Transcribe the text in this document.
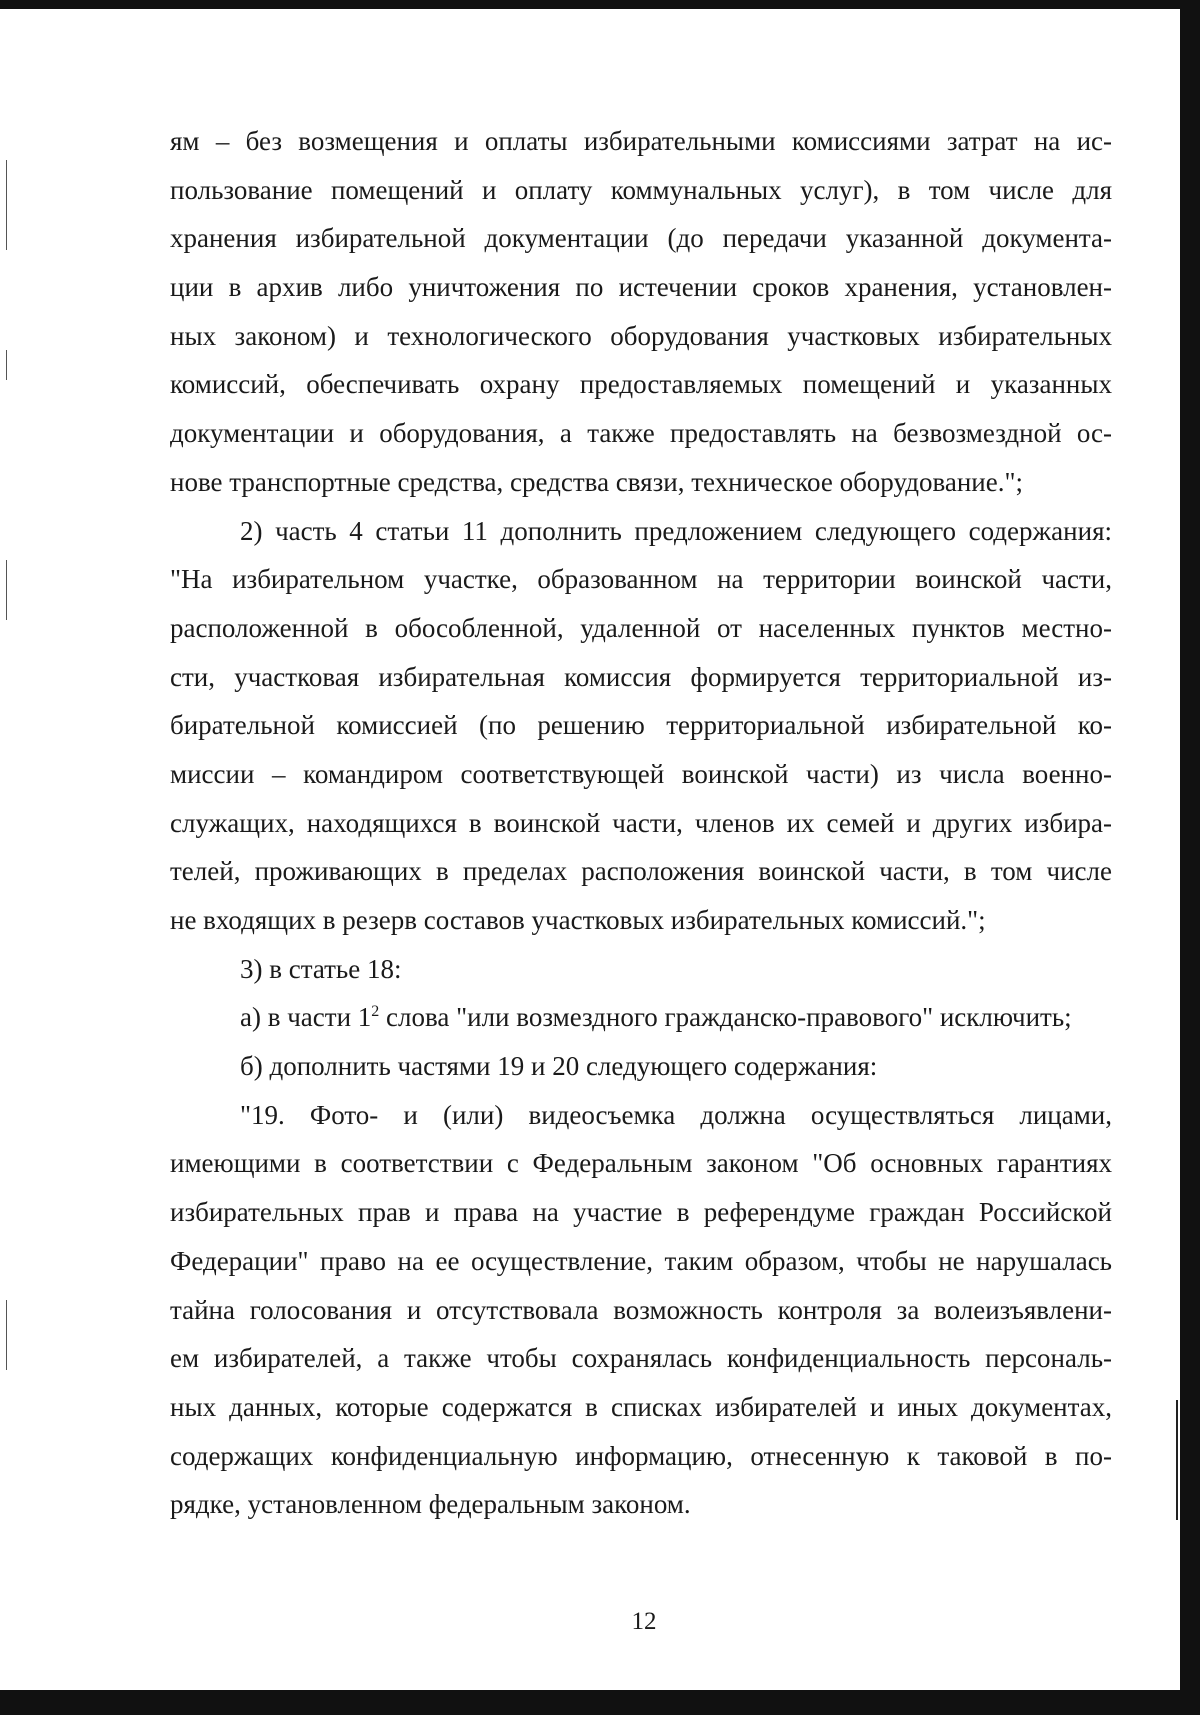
ям – без возмещения и оплаты избирательными комиссиями затрат на ис-
пользование помещений и оплату коммунальных услуг), в том числе для
хранения избирательной документации (до передачи указанной документа-
ции в архив либо уничтожения по истечении сроков хранения, установлен-
ных законом) и технологического оборудования участковых избирательных
комиссий, обеспечивать охрану предоставляемых помещений и указанных
документации и оборудования, а также предоставлять на безвозмездной ос-
нове транспортные средства, средства связи, техническое оборудование.";
2) часть 4 статьи 11 дополнить предложением следующего содержания:
"На избирательном участке, образованном на территории воинской части,
расположенной в обособленной, удаленной от населенных пунктов местно-
сти, участковая избирательная комиссия формируется территориальной из-
бирательной комиссией (по решению территориальной избирательной ко-
миссии – командиром соответствующей воинской части) из числа военно-
служащих, находящихся в воинской части, членов их семей и других избира-
телей, проживающих в пределах расположения воинской части, в том числе
не входящих в резерв составов участковых избирательных комиссий.";
3) в статье 18:
а) в части $1^2$ слова "или возмездного гражданско-правового" исключить;
б) дополнить частями 19 и 20 следующего содержания:
"19. Фото- и (или) видеосъемка должна осуществляться лицами,
имеющими в соответствии с Федеральным законом "Об основных гарантиях
избирательных прав и права на участие в референдуме граждан Российской
Федерации" право на ее осуществление, таким образом, чтобы не нарушалась
тайна голосования и отсутствовала возможность контроля за волеизъявлени-
ем избирателей, а также чтобы сохранялась конфиденциальность персональ-
ных данных, которые содержатся в списках избирателей и иных документах,
содержащих конфиденциальную информацию, отнесенную к таковой в по-
рядке, установленном федеральным законом.
12
